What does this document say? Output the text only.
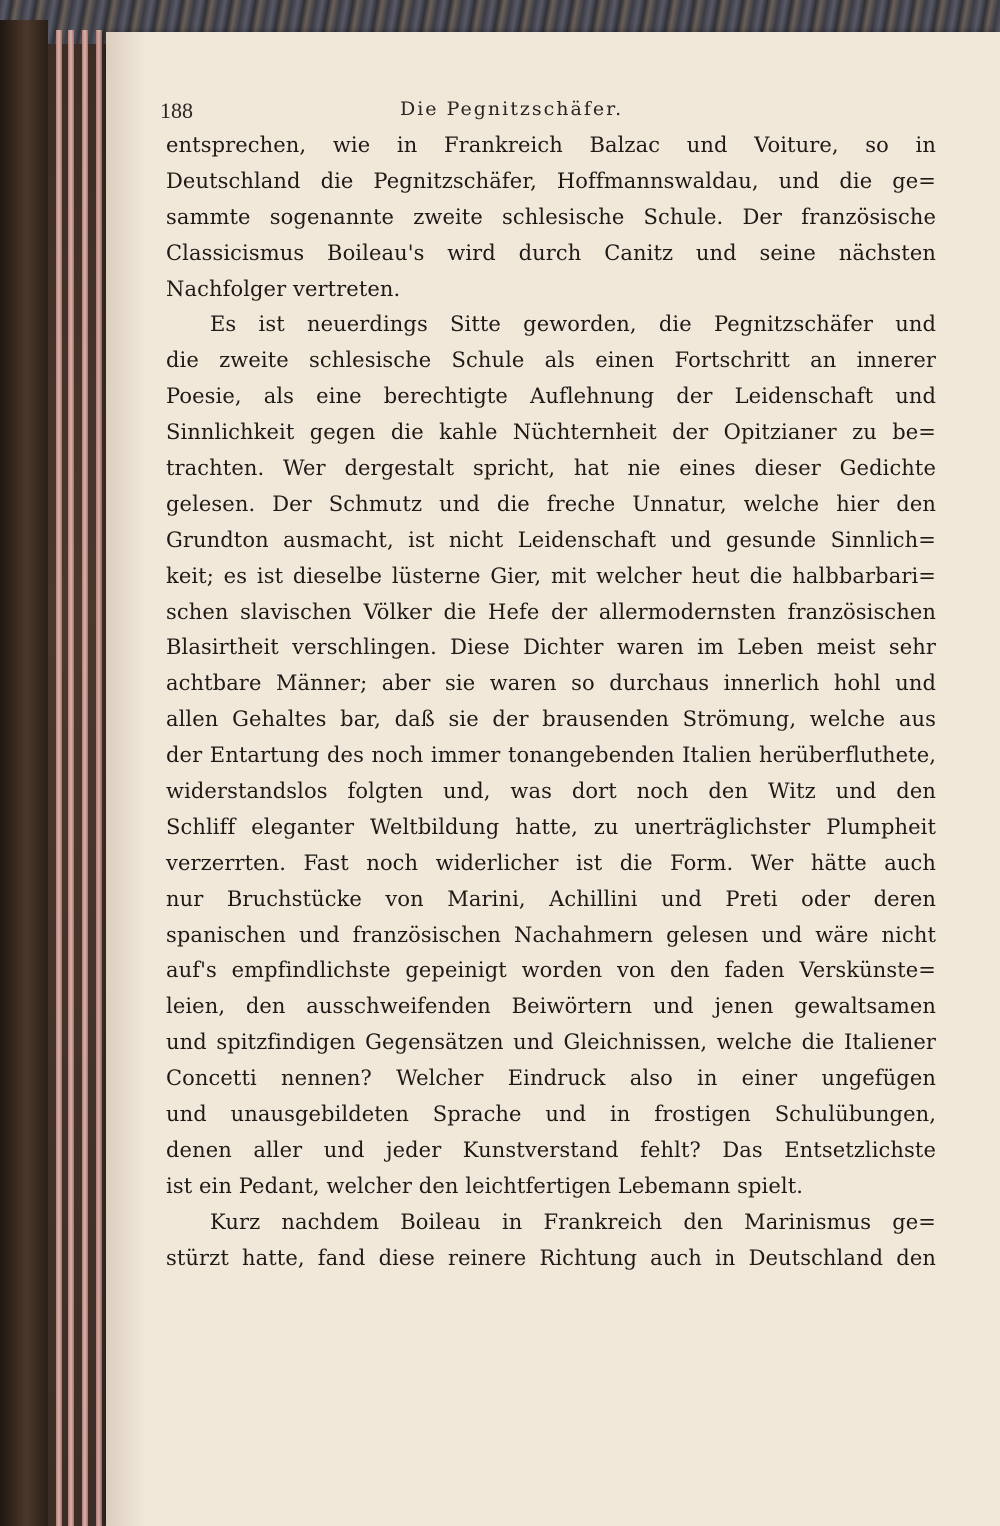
188	Die Pegnitzschäfer.
entsprechen, wie in Frankreich Balzac und Voiture, so in
Deutschland die Pegnitzschäfer, Hoffmannswaldau, und die ge=
sammte sogenannte zweite schlesische Schule. Der französische
Classicismus Boileau's wird durch Canitz und seine nächsten
Nachfolger vertreten.
Es ist neuerdings Sitte geworden, die Pegnitzschäfer und
die zweite schlesische Schule als einen Fortschritt an innerer
Poesie, als eine berechtigte Auflehnung der Leidenschaft und
Sinnlichkeit gegen die kahle Nüchternheit der Opitzianer zu be=
trachten. Wer dergestalt spricht, hat nie eines dieser Gedichte
gelesen. Der Schmutz und die freche Unnatur, welche hier den
Grundton ausmacht, ist nicht Leidenschaft und gesunde Sinnlich=
keit; es ist dieselbe lüsterne Gier, mit welcher heut die halbbarbari=
schen slavischen Völker die Hefe der allermodernsten französischen
Blasirtheit verschlingen. Diese Dichter waren im Leben meist sehr
achtbare Männer; aber sie waren so durchaus innerlich hohl und
allen Gehaltes bar, daß sie der brausenden Strömung, welche aus
der Entartung des noch immer tonangebenden Italien herüberfluthete,
widerstandslos folgten und, was dort noch den Witz und den
Schliff eleganter Weltbildung hatte, zu unerträglichster Plumpheit
verzerrten. Fast noch widerlicher ist die Form. Wer hätte auch
nur Bruchstücke von Marini, Achillini und Preti oder deren
spanischen und französischen Nachahmern gelesen und wäre nicht
auf's empfindlichste gepeinigt worden von den faden Verskünste=
leien, den ausschweifenden Beiwörtern und jenen gewaltsamen
und spitzfindigen Gegensätzen und Gleichnissen, welche die Italiener
Concetti nennen? Welcher Eindruck also in einer ungefügen
und unausgebildeten Sprache und in frostigen Schulübungen,
denen aller und jeder Kunstverstand fehlt? Das Entsetzlichste
ist ein Pedant, welcher den leichtfertigen Lebemann spielt.
Kurz nachdem Boileau in Frankreich den Marinismus ge=
stürzt hatte, fand diese reinere Richtung auch in Deutschland den
